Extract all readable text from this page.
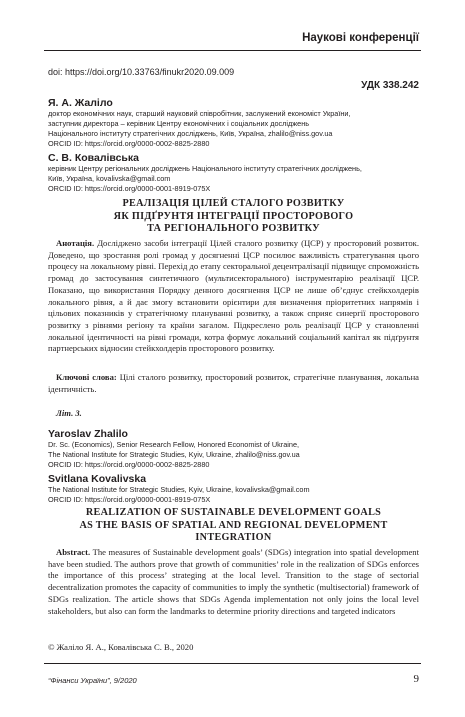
Наукові конференції
doi: https://doi.org/10.33763/finukr2020.09.009
УДК 338.242

Я. А. Жаліло

доктор економічних наук, старший науковий співробітник, заслужений економіст України,

заступник директора – керівник Центру економічних і соціальних досліджень

Національного інституту стратегічних досліджень, Київ, Україна, zhalilo@niss.gov.ua

ORCID ID: https://orcid.org/0000-0002-8825-2880

С. В. Ковалівська

керівник Центру регіональних досліджень Національного інституту стратегічних досліджень,

Київ, Україна, kovalivska@gmail.com

ORCID ID: https://orcid.org/0000-0001-8919-075X

РЕАЛІЗАЦІЯ ЦІЛЕЙ СТАЛОГО РОЗВИТКУ
ЯК ПІДҐРУНТЯ ІНТЕГРАЦІЇ ПРОСТОРОВОГО
ТА РЕГІОНАЛЬНОГО РОЗВИТКУ
Анотація. Досліджено засоби інтеграції Цілей сталого розвитку (ЦСР) у просторовий розвиток. Доведено, що зростання ролі громад у досягненні ЦСР посилює важливість стратегування цього процесу на локальному рівні. Перехід до етапу секторальної децентралізації підвищує спроможність громад до застосування синтетичного (мультисекторального) інструментарію реалізації ЦСР. Показано, що використання Порядку денного досягнення ЦСР не лише об’єднує стейкхолдерів локального рівня, а й дає змогу встановити орієнтири для визначення пріоритетних напрямів і цільових показників у стратегічному плануванні розвитку, а також сприяє синергії просторового розвитку з рівнями регіону та країни загалом. Підкреслено роль реалізації ЦСР у становленні локальної ідентичності на рівні громади, котра формує локальний соціальний капітал як підґрунтя партнерських відносин стейкхолдерів просторового розвитку.
Ключові слова: Цілі сталого розвитку, просторовий розвиток, стратегічне планування, локальна ідентичність.
Літ. 3.

Yaroslav Zhalilo

Dr. Sc. (Economics), Senior Research Fellow, Honored Economist of Ukraine,

The National Institute for Strategic Studies, Kyiv, Ukraine, zhalilo@niss.gov.ua

ORCID ID: https://orcid.org/0000-0002-8825-2880

Svitlana Kovalivska

The National Institute for Strategic Studies, Kyiv, Ukraine, kovalivska@gmail.com

ORCID ID: https://orcid.org/0000-0001-8919-075X

REALIZATION OF SUSTAINABLE DEVELOPMENT GOALS
AS THE BASIS OF SPATIAL AND REGIONAL DEVELOPMENT
INTEGRATION
Abstract. The measures of Sustainable development goals’ (SDGs) integration into spatial development have been studied. The authors prove that growth of communities’ role in the realization of SDGs enforces the importance of this process’ strateging at the local level. Transition to the stage of sectorial decentralization promotes the capacity of communities to imply the synthetic (multisectorial) framework of SDGs realization. The article shows that SDGs Agenda implementation not only joins the local level stakeholders, but also can form the landmarks to determine priority directions and targeted indicators
© Жаліло Я. А., Ковалівська С. В., 2020
“Фінанси України”, 9/2020	9
